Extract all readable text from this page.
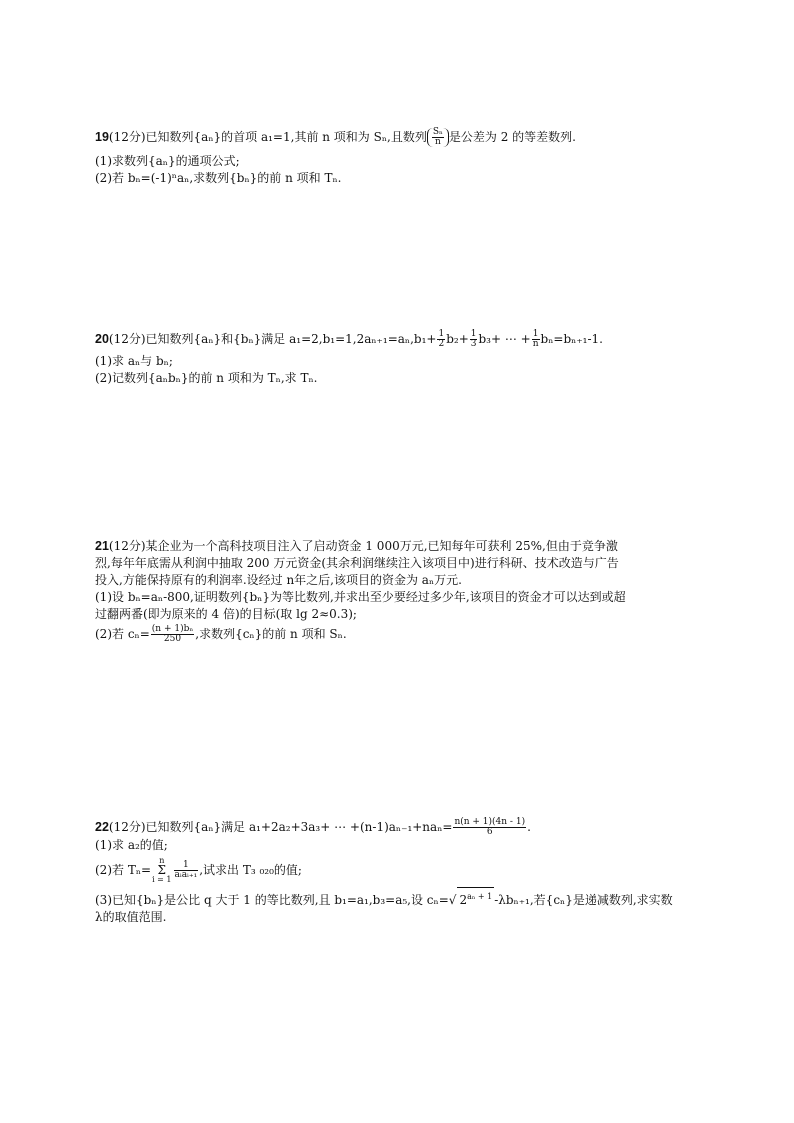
19(12分)已知数列{aₙ}的首项 a₁=1,其前 n 项和为 Sₙ,且数列 $\frac{\text{Sₙ}}{n}$ 是公差为 2 的等差数列.
(1)求数列{aₙ}的通项公式;
(2)若 bₙ=(-1)ⁿaₙ,求数列{bₙ}的前 n 项和 Tₙ.
20(12分)已知数列{aₙ}和{bₙ}满足 $a_1=2,b_1=1,2a_{n+1}=a_n,b_1+ \frac{1}{2} b_2+ \frac{1}{3} b_3+$ ⋯ + $\frac{1}{n} b_n=b_{n+1}-1$.
(1)求 aₙ与 bₙ;
(2)记数列{aₙbₙ}的前 n 项和为 Tₙ,求 Tₙ.
21(12分)某企业为一个高科技项目注入了启动资金 1 000万元,已知每年可获利 25%,但由于竞争激
烈,每年年底需从利润中抽取 200 万元资金(其余利润继续注入该项目中)进行科研、技术改造与广告
投入,方能保持原有的利润率.设经过 n年之后,该项目的资金为 aₙ万元.
(1)设 bₙ=aₙ-800,证明数列{bₙ}为等比数列,并求出至少要经过多少年,该项目的资金才可以达到或超
过翻两番(即为原来的 4 倍)的目标(取 lg 2≈0.3);
(2)若 $c_n= \frac{\text{(n + 1)bₙ}}{250}$ ,求数列{cₙ}的前 n 项和 Sₙ.
22(12分)已知数列{aₙ}满足 a₁+2a₂+3a₃+ ⋯ $+(n-1)a_{n-1}+na_n= \frac{n(n + 1)(4n - 1)}{6}$ .
(1)求 a₂的值;
(2)若 Tₙ=
n
Σ
$i = 1 \frac{1}{\text{aᵢaᵢ₊₁}}$ ,试求出 T₃ ₀₂₀的值;
(3)已知{bₙ}是公比 q 大于 1 的等比数列,且 b₁=a₁,b₃=a₅,设 cₙ=√ $2^{a_n + 1}$ -λbₙ₊₁,若{cₙ}是递减数列,求实数
λ的取值范围.
